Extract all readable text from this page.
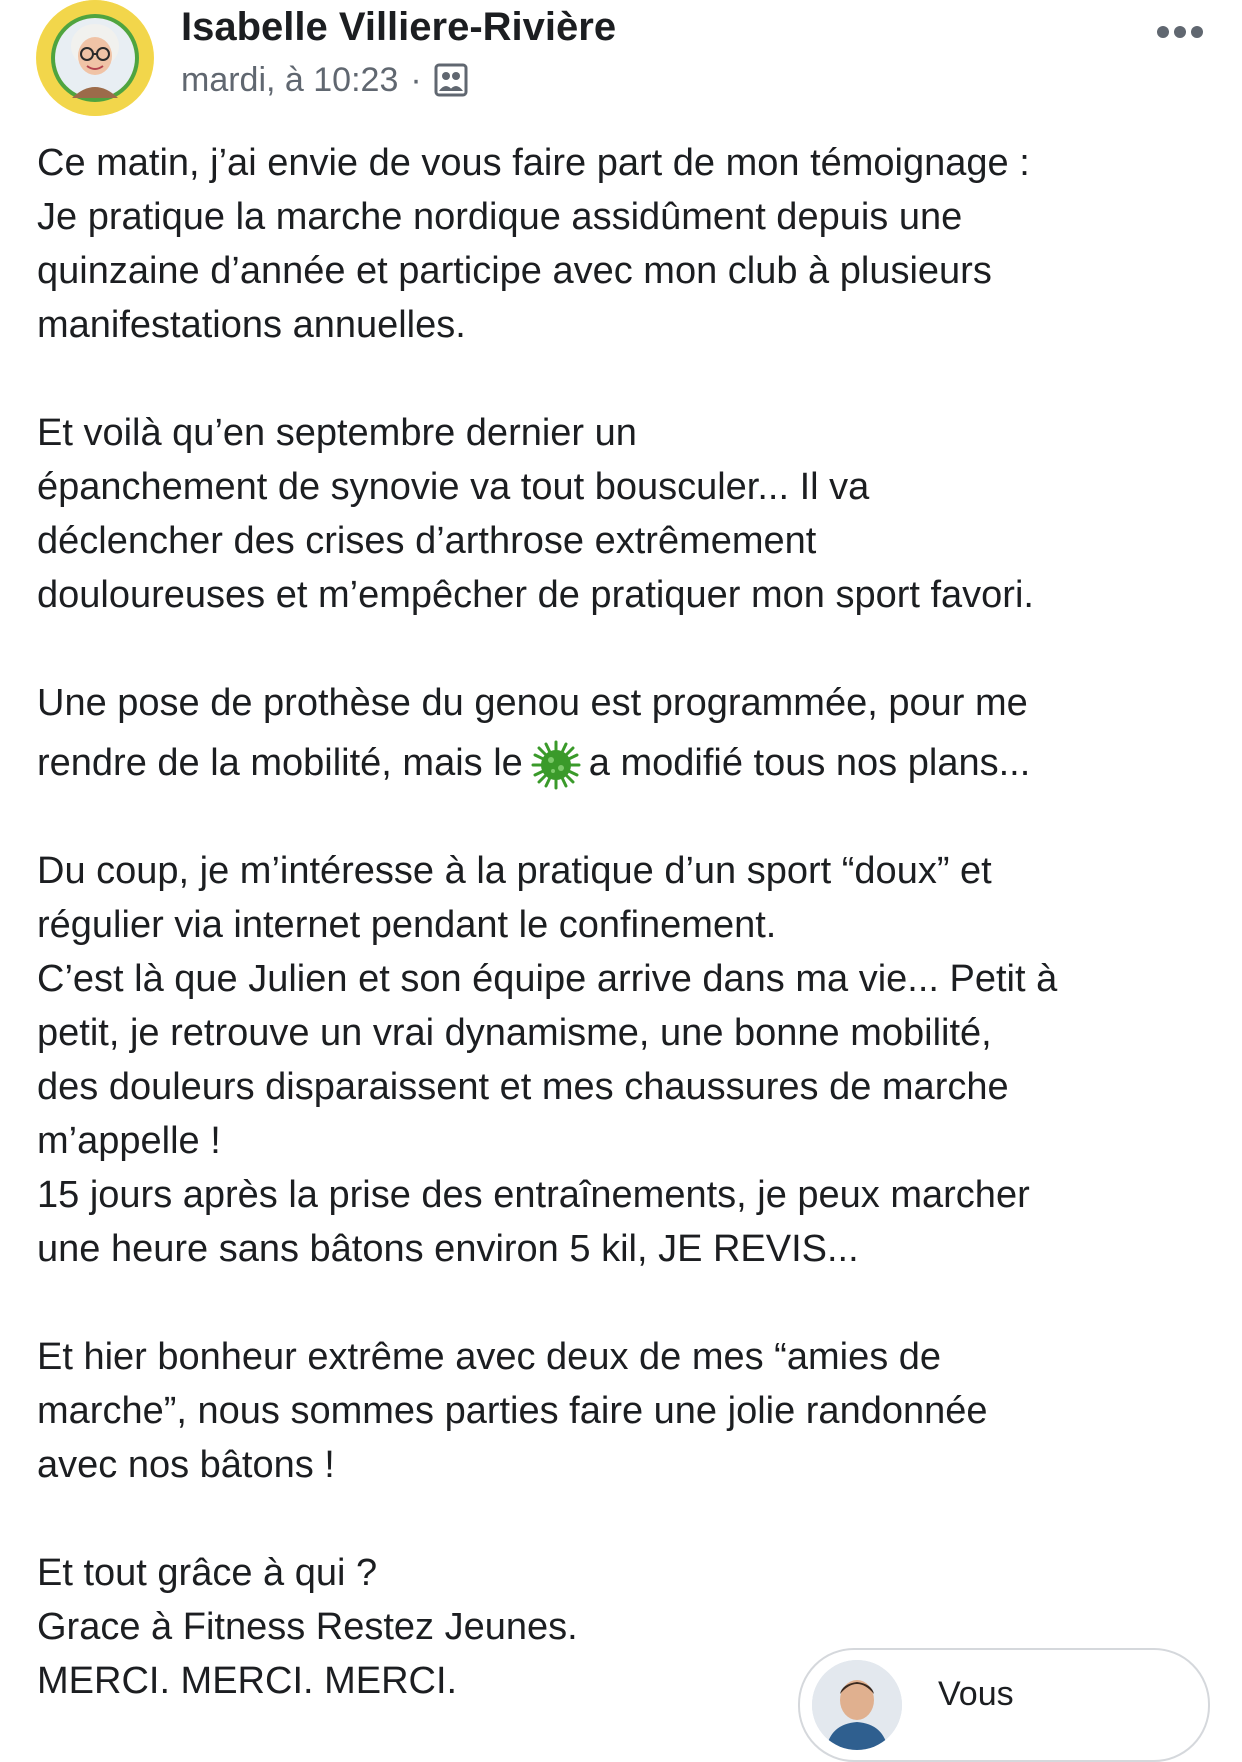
Isabelle Villiere-Rivière
mardi, à 10:23 ·

Ce matin, j’ai envie de vous faire part de mon témoignage :

Je pratique la marche nordique assidûment depuis une

quinzaine d’année et participe avec mon club à plusieurs

manifestations annuelles.

Et voilà qu’en septembre dernier un

épanchement de synovie va tout bousculer... Il va

déclencher des crises d’arthrose extrêmement

douloureuses et m’empêcher de pratiquer mon sport favori.

Une pose de prothèse du genou est programmée, pour me

rendre de la mobilité, mais le a modifié tous nos plans...

Du coup, je m’intéresse à la pratique d’un sport “doux” et

régulier via internet pendant le confinement.

C’est là que Julien et son équipe arrive dans ma vie... Petit à

petit, je retrouve un vrai dynamisme, une bonne mobilité,

des douleurs disparaissent et mes chaussures de marche

m’appelle !

15 jours après la prise des entraînements, je peux marcher

une heure sans bâtons environ 5 kil, JE REVIS...

Et hier bonheur extrême avec deux de mes “amies de

marche”, nous sommes parties faire une jolie randonnée

avec nos bâtons !

Et tout grâce à qui ?

Grace à Fitness Restez Jeunes.

MERCI. MERCI. MERCI.	Vous
